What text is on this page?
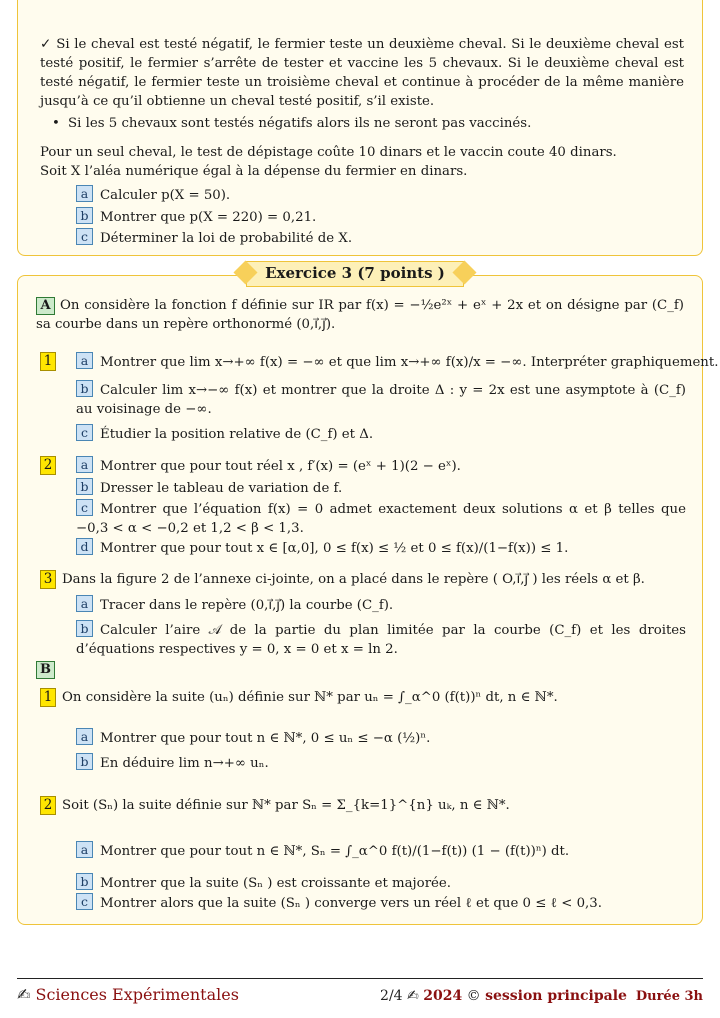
✓ Si le cheval est testé négatif, le fermier teste un deuxième cheval. Si le deuxième cheval est testé positif, le fermier s’arrête de tester et vaccine les 5 chevaux. Si le deuxième cheval est testé négatif, le fermier teste un troisième cheval et continue à procéder de la même manière jusqu’à ce qu’il obtienne un cheval testé positif, s’il existe.
• Si les 5 chevaux sont testés négatifs alors ils ne seront pas vaccinés.
Pour un seul cheval, le test de dépistage coûte 10 dinars et le vaccin coute 40 dinars.
Soit X l’aléa numérique égal à la dépense du fermier en dinars.
a Calculer p(X = 50).
b Montrer que p(X = 220) = 0,21.
c Déterminer la loi de probabilité de X.
A On considère la fonction f définie sur IR par f(x) = −½e²ˣ + eˣ + 2x et on désigne par (C_f) sa courbe dans un repère orthonormé (0,i⃗,j⃗).
1	a Montrer que lim x→+∞ f(x) = −∞ et que lim x→+∞ f(x)/x = −∞. Interpréter graphiquement.
b Calculer lim x→−∞ f(x) et montrer que la droite Δ : y = 2x est une asymptote à (C_f) au voisinage de −∞.
c Étudier la position relative de (C_f) et Δ.
2	a Montrer que pour tout réel x , f′(x) = (eˣ + 1)(2 − eˣ).
b Dresser le tableau de variation de f.
c Montrer que l’équation f(x) = 0 admet exactement deux solutions α et β telles que −0,3 < α < −0,2 et 1,2 < β < 1,3.
d Montrer que pour tout x ∈ [α,0], 0 ≤ f(x) ≤ ½ et 0 ≤ f(x)/(1−f(x)) ≤ 1.
3 Dans la figure 2 de l’annexe ci-jointe, on a placé dans le repère ( O,i⃗,j⃗ ) les réels α et β.
a Tracer dans le repère (0,i⃗,j⃗) la courbe (C_f).
b Calculer l’aire 𝒜 de la partie du plan limitée par la courbe (C_f) et les droites d’équations respectives y = 0, x = 0 et x = ln 2.
B
1 On considère la suite (uₙ) définie sur ℕ* par uₙ = ∫_α^0 (f(t))ⁿ dt, n ∈ ℕ*.
a Montrer que pour tout n ∈ ℕ*, 0 ≤ uₙ ≤ −α (½)ⁿ.
b En déduire lim n→+∞ uₙ.
2 Soit (Sₙ) la suite définie sur ℕ* par Sₙ = Σ_{k=1}^{n} uₖ, n ∈ ℕ*.
a Montrer que pour tout n ∈ ℕ*, Sₙ = ∫_α^0 f(t)/(1−f(t)) (1 − (f(t))ⁿ) dt.
b Montrer que la suite (Sₙ ) est croissante et majorée.
c Montrer alors que la suite (Sₙ ) converge vers un réel ℓ et que 0 ≤ ℓ < 0,3.
Exercice 3 (7 points )
✍ Sciences Expérimentales	2/4 ✍ 2024 © session principale Durée 3h
